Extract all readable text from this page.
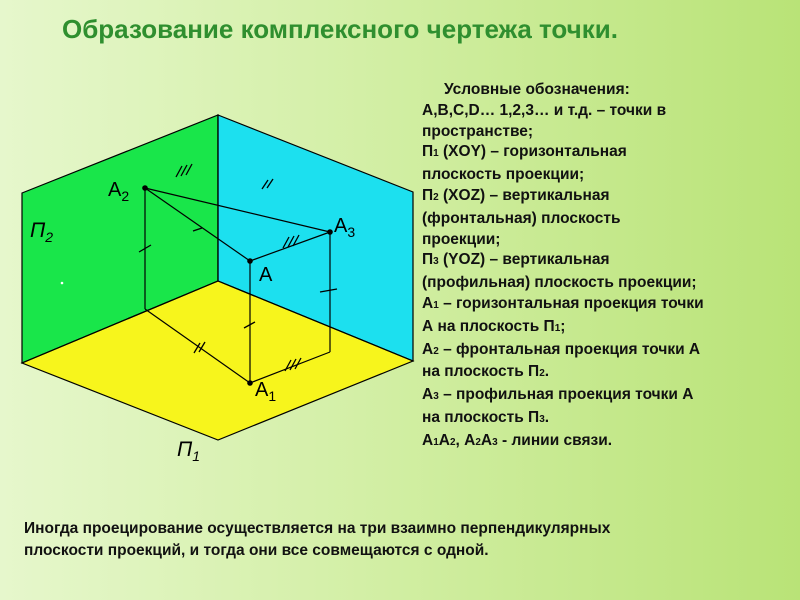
Образование комплексного чертежа точки.
$П_2$
$A_2$
$A_3$
A
$A_1$
$П_1$
Условные обозначения:
А,В,С,D… 1,2,3… и т.д. – точки в
пространстве;
П1 (XOY) – горизонтальная
плоскость проекции;
П2 (XOZ) – вертикальная
(фронтальная) плоскость
проекции;
П3 (YOZ) – вертикальная
(профильная) плоскость проекции;
А1 – горизонтальная проекция точки
А на плоскость П1;
А2 – фронтальная проекция точки А
на плоскость П2.
А3 – профильная проекция точки А
на плоскость П3.
А1А2, А2А3 - линии связи.
Иногда проецирование осуществляется на три взаимно перпендикулярных
плоскости проекций, и тогда они все совмещаются с одной.
